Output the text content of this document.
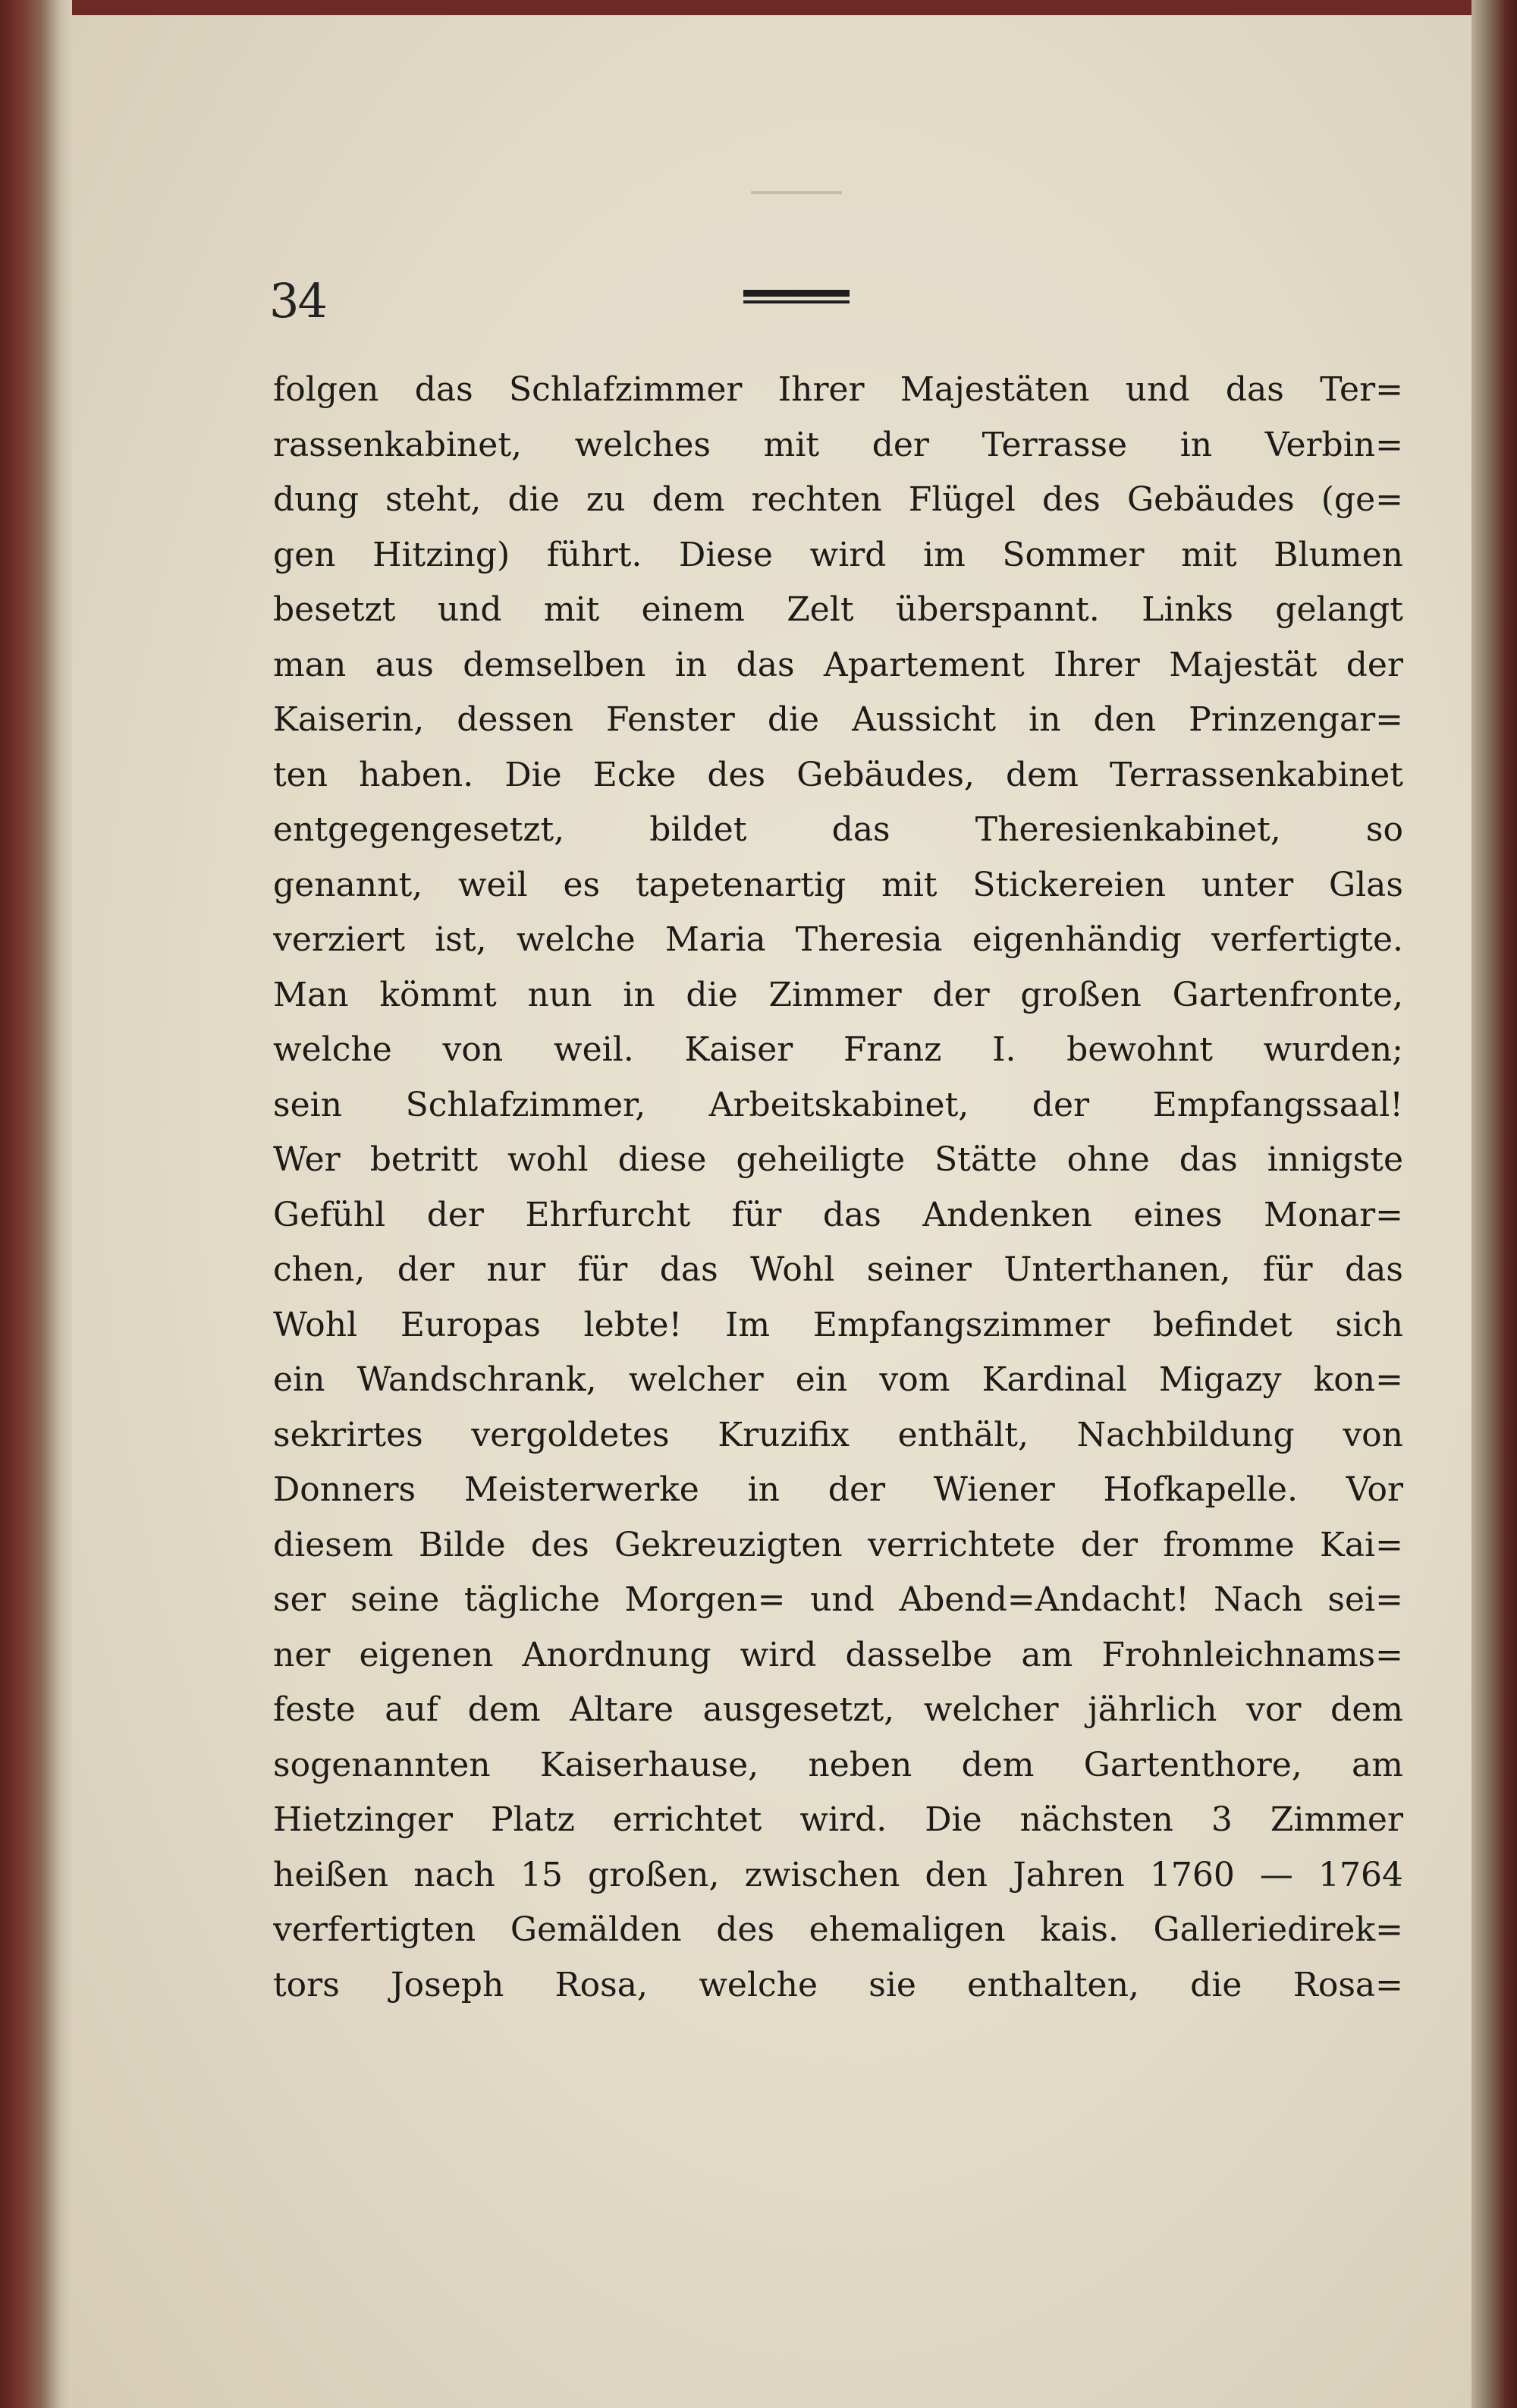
34
folgen das Schlafzimmer Ihrer Majestäten und das Ter=
rassenkabinet, welches mit der Terrasse in Verbin=
dung steht, die zu dem rechten Flügel des Gebäudes (ge=
gen Hitzing) führt. Diese wird im Sommer mit Blumen
besetzt und mit einem Zelt überspannt. Links gelangt
man aus demselben in das Apartement Ihrer Majestät der
Kaiserin, dessen Fenster die Aussicht in den Prinzengar=
ten haben. Die Ecke des Gebäudes, dem Terrassenkabinet
entgegengesetzt, bildet das Theresienkabinet, so
genannt, weil es tapetenartig mit Stickereien unter Glas
verziert ist, welche Maria Theresia eigenhändig verfertigte.
Man kömmt nun in die Zimmer der großen Gartenfronte,
welche von weil. Kaiser Franz I. bewohnt wurden;
sein Schlafzimmer, Arbeitskabinet, der Empfangssaal!
Wer betritt wohl diese geheiligte Stätte ohne das innigste
Gefühl der Ehrfurcht für das Andenken eines Monar=
chen, der nur für das Wohl seiner Unterthanen, für das
Wohl Europas lebte! Im Empfangszimmer befindet sich
ein Wandschrank, welcher ein vom Kardinal Migazy kon=
sekrirtes vergoldetes Kruzifix enthält, Nachbildung von
Donners Meisterwerke in der Wiener Hofkapelle. Vor
diesem Bilde des Gekreuzigten verrichtete der fromme Kai=
ser seine tägliche Morgen= und Abend=Andacht! Nach sei=
ner eigenen Anordnung wird dasselbe am Frohnleichnams=
feste auf dem Altare ausgesetzt, welcher jährlich vor dem
sogenannten Kaiserhause, neben dem Gartenthore, am
Hietzinger Platz errichtet wird. Die nächsten 3 Zimmer
heißen nach 15 großen, zwischen den Jahren 1760 — 1764
verfertigten Gemälden des ehemaligen kais. Galleriedirek=
tors Joseph Rosa, welche sie enthalten, die Rosa=
